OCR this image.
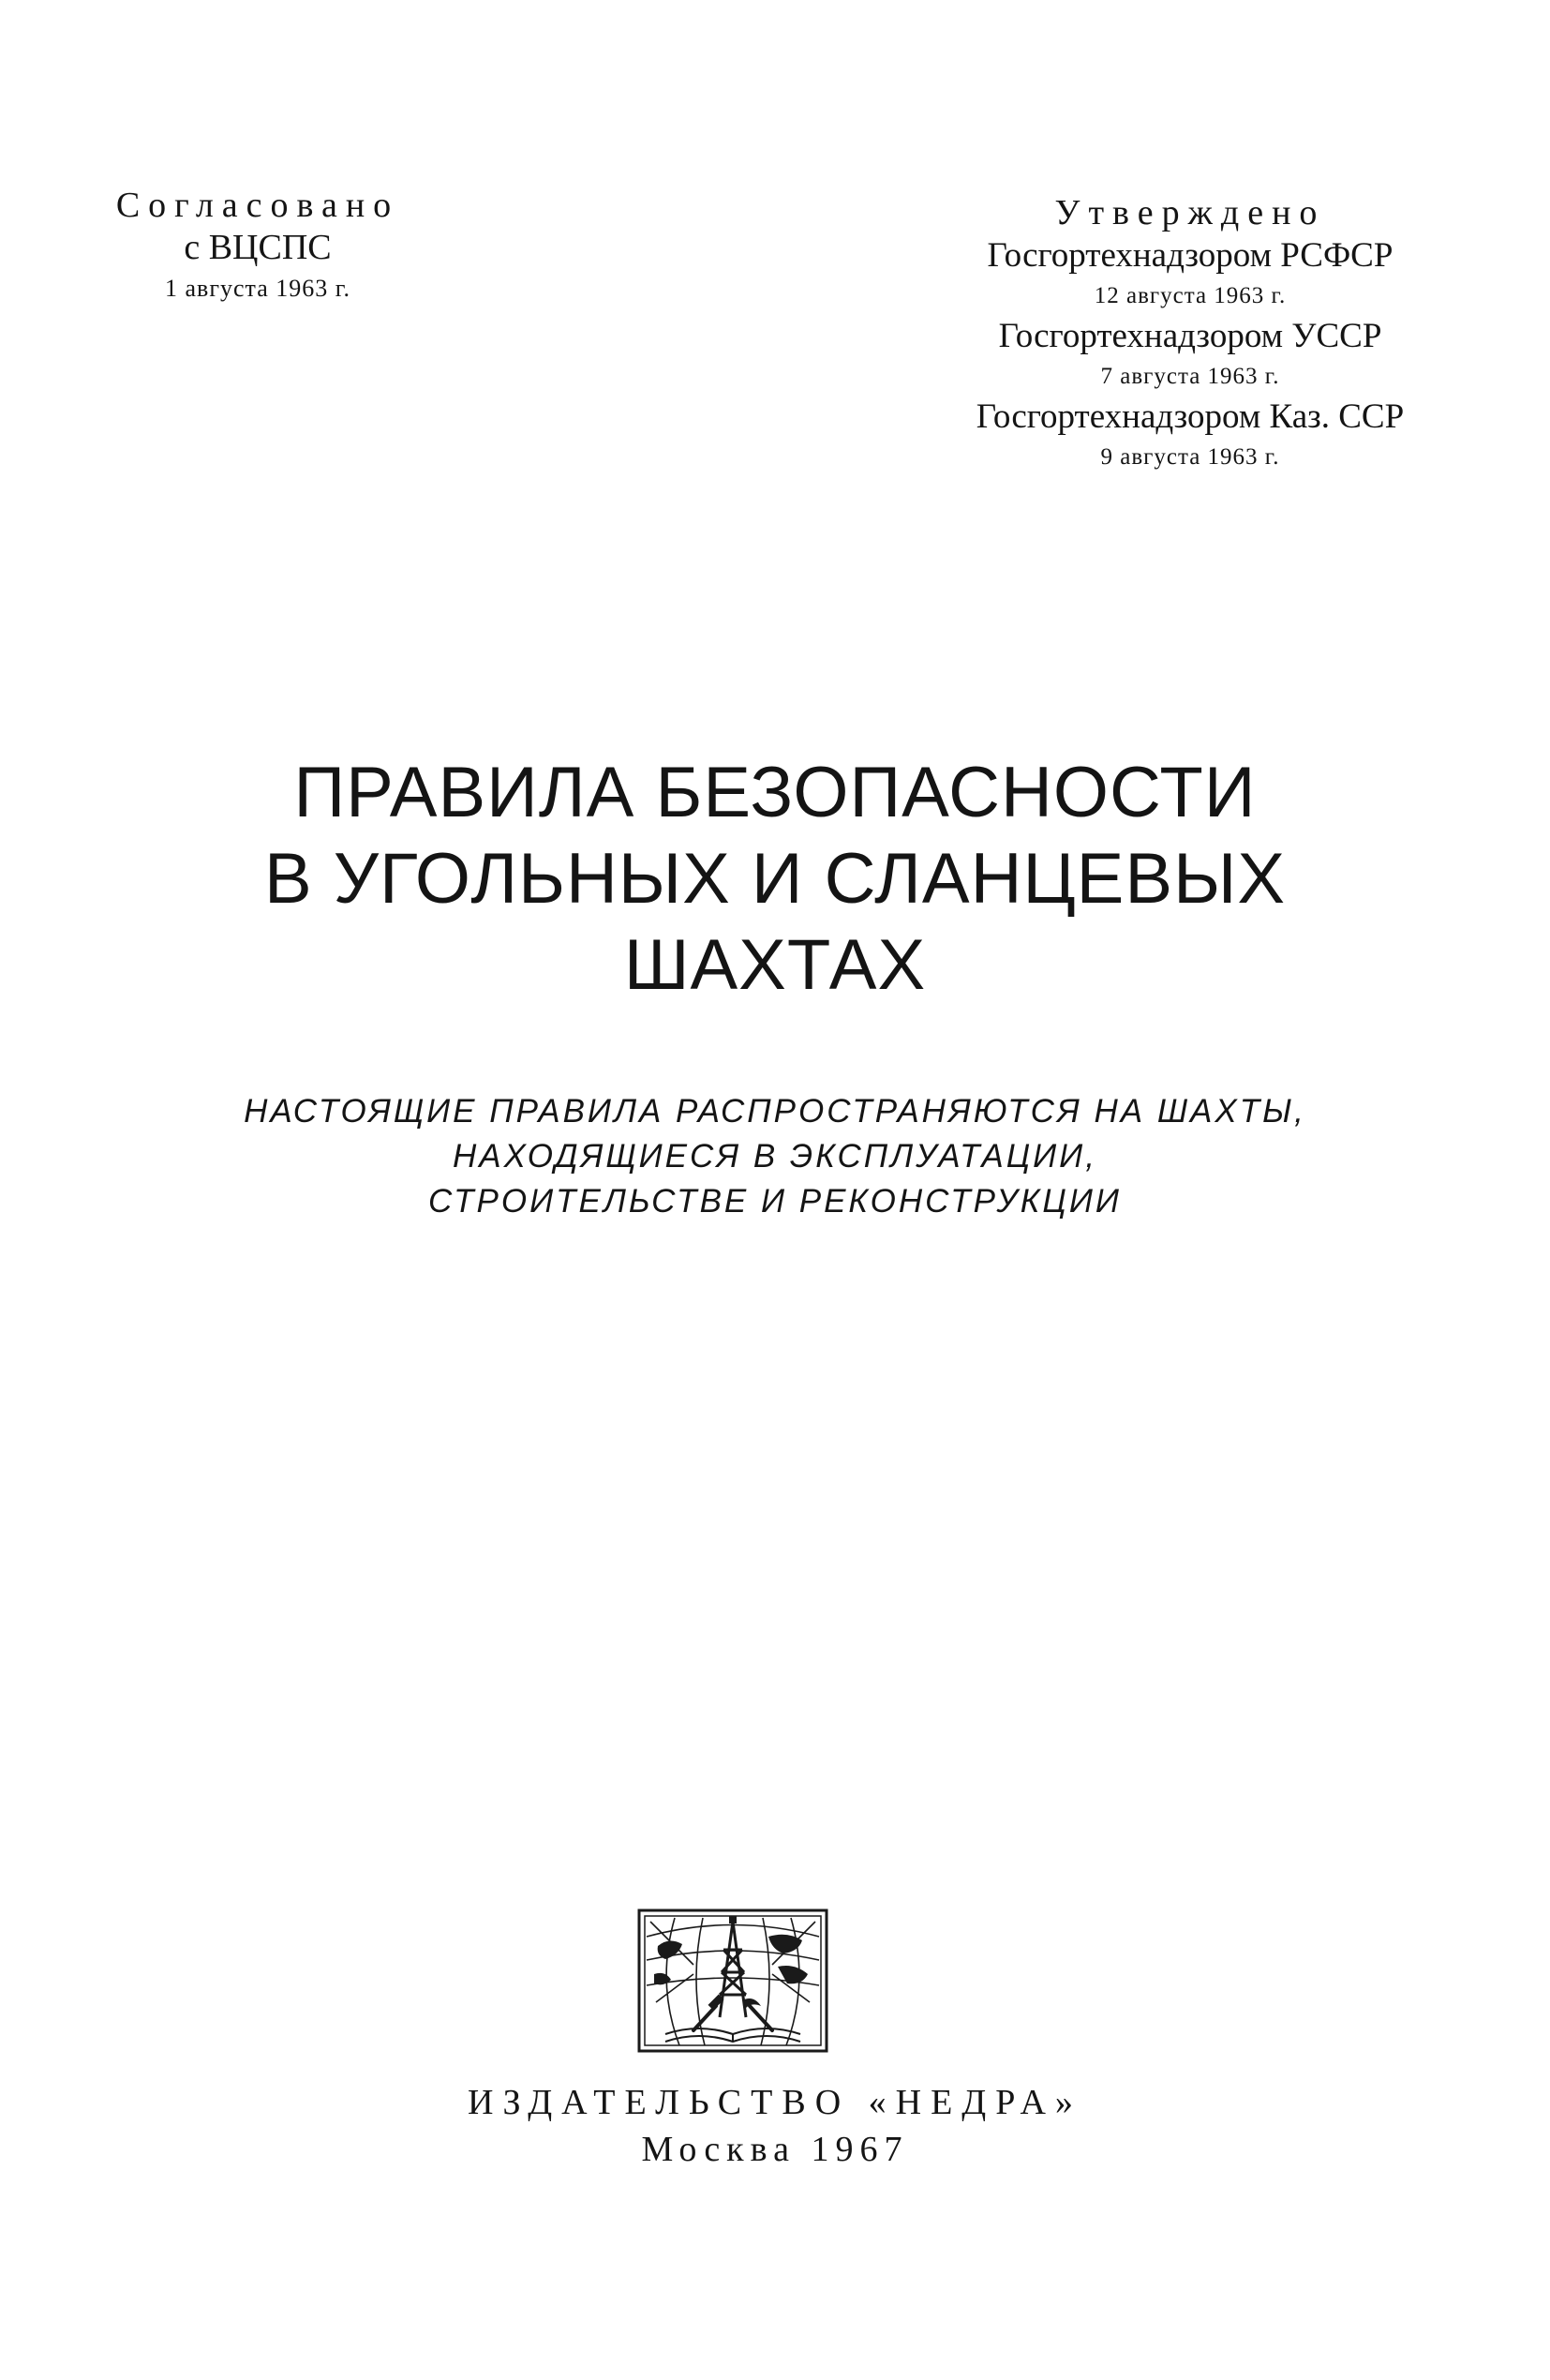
Согласовано
с ВЦСПС
1 августа 1963 г.
Утверждено
Госгортехнадзором РСФСР
12 августа 1963 г.
Госгортехнадзором УССР
7 августа 1963 г.
Госгортехнадзором Каз. ССР
9 августа 1963 г.
ПРАВИЛА БЕЗОПАСНОСТИ
В УГОЛЬНЫХ И СЛАНЦЕВЫХ
ШАХТАХ
НАСТОЯЩИЕ ПРАВИЛА РАСПРОСТРАНЯЮТСЯ НА ШАХТЫ,
НАХОДЯЩИЕСЯ В ЭКСПЛУАТАЦИИ,
СТРОИТЕЛЬСТВЕ И РЕКОНСТРУКЦИИ
ИЗДАТЕЛЬСТВО «НЕДРА»
Москва 1967
